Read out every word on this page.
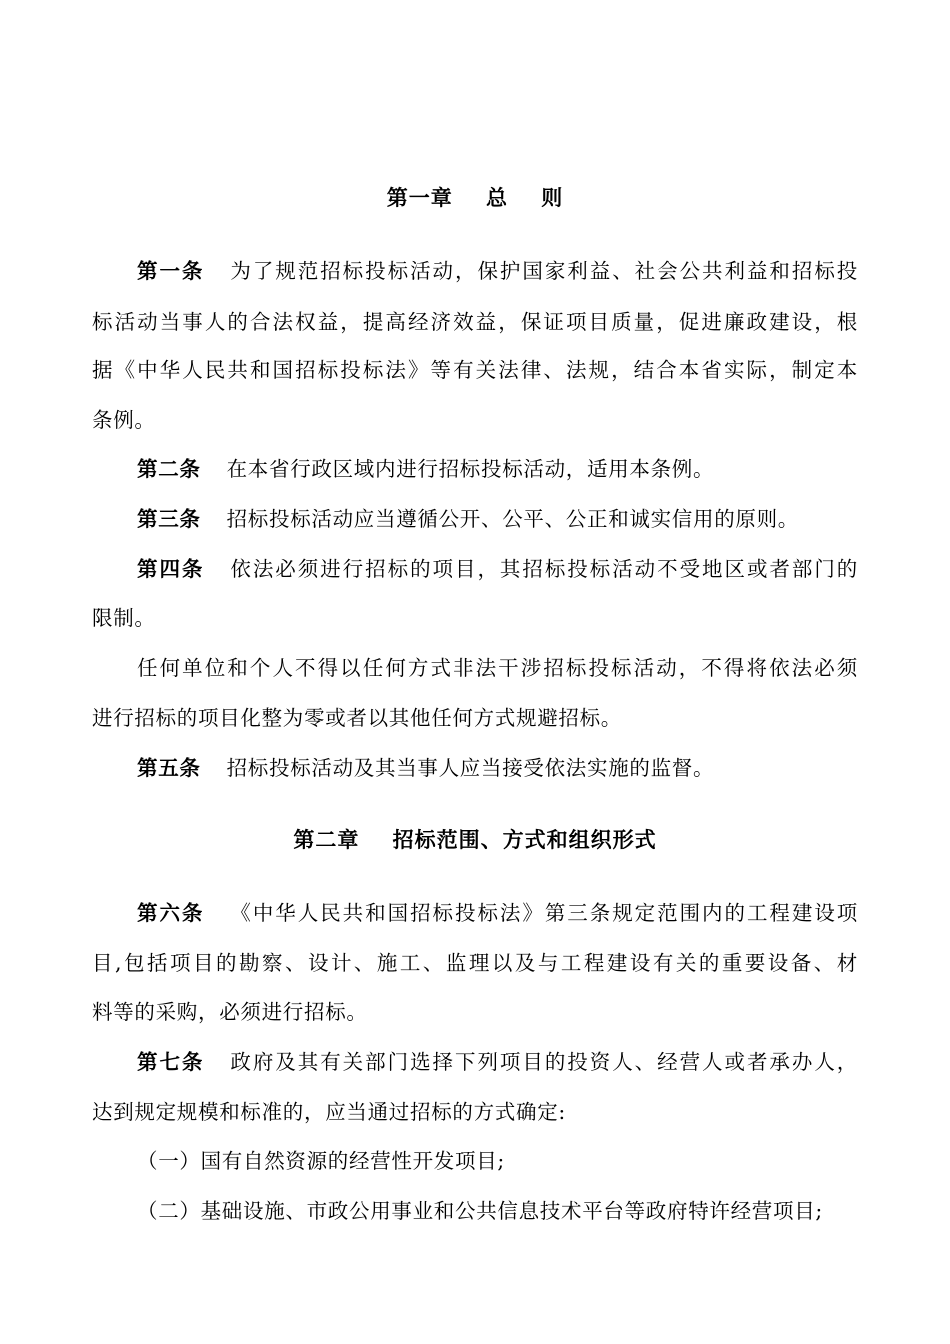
第一章    总    则
第一条 为了规范招标投标活动，保护国家利益、社会公共利益和招标投
标活动当事人的合法权益，提高经济效益，保证项目质量，促进廉政建设，根
据《中华人民共和国招标投标法》等有关法律、法规，结合本省实际，制定本
条例。
第二条 在本省行政区域内进行招标投标活动，适用本条例。
第三条 招标投标活动应当遵循公开、公平、公正和诚实信用的原则。
第四条 依法必须进行招标的项目，其招标投标活动不受地区或者部门的
限制。
任何单位和个人不得以任何方式非法干涉招标投标活动，不得将依法必须
进行招标的项目化整为零或者以其他任何方式规避招标。
第五条 招标投标活动及其当事人应当接受依法实施的监督。
第二章    招标范围、方式和组织形式
第六条 《中华人民共和国招标投标法》第三条规定范围内的工程建设项
目,包括项目的勘察、设计、施工、监理以及与工程建设有关的重要设备、材
料等的采购，必须进行招标。
第七条 政府及其有关部门选择下列项目的投资人、经营人或者承办人，
达到规定规模和标准的，应当通过招标的方式确定:
（一）国有自然资源的经营性开发项目;
（二）基础设施、市政公用事业和公共信息技术平台等政府特许经营项目;
